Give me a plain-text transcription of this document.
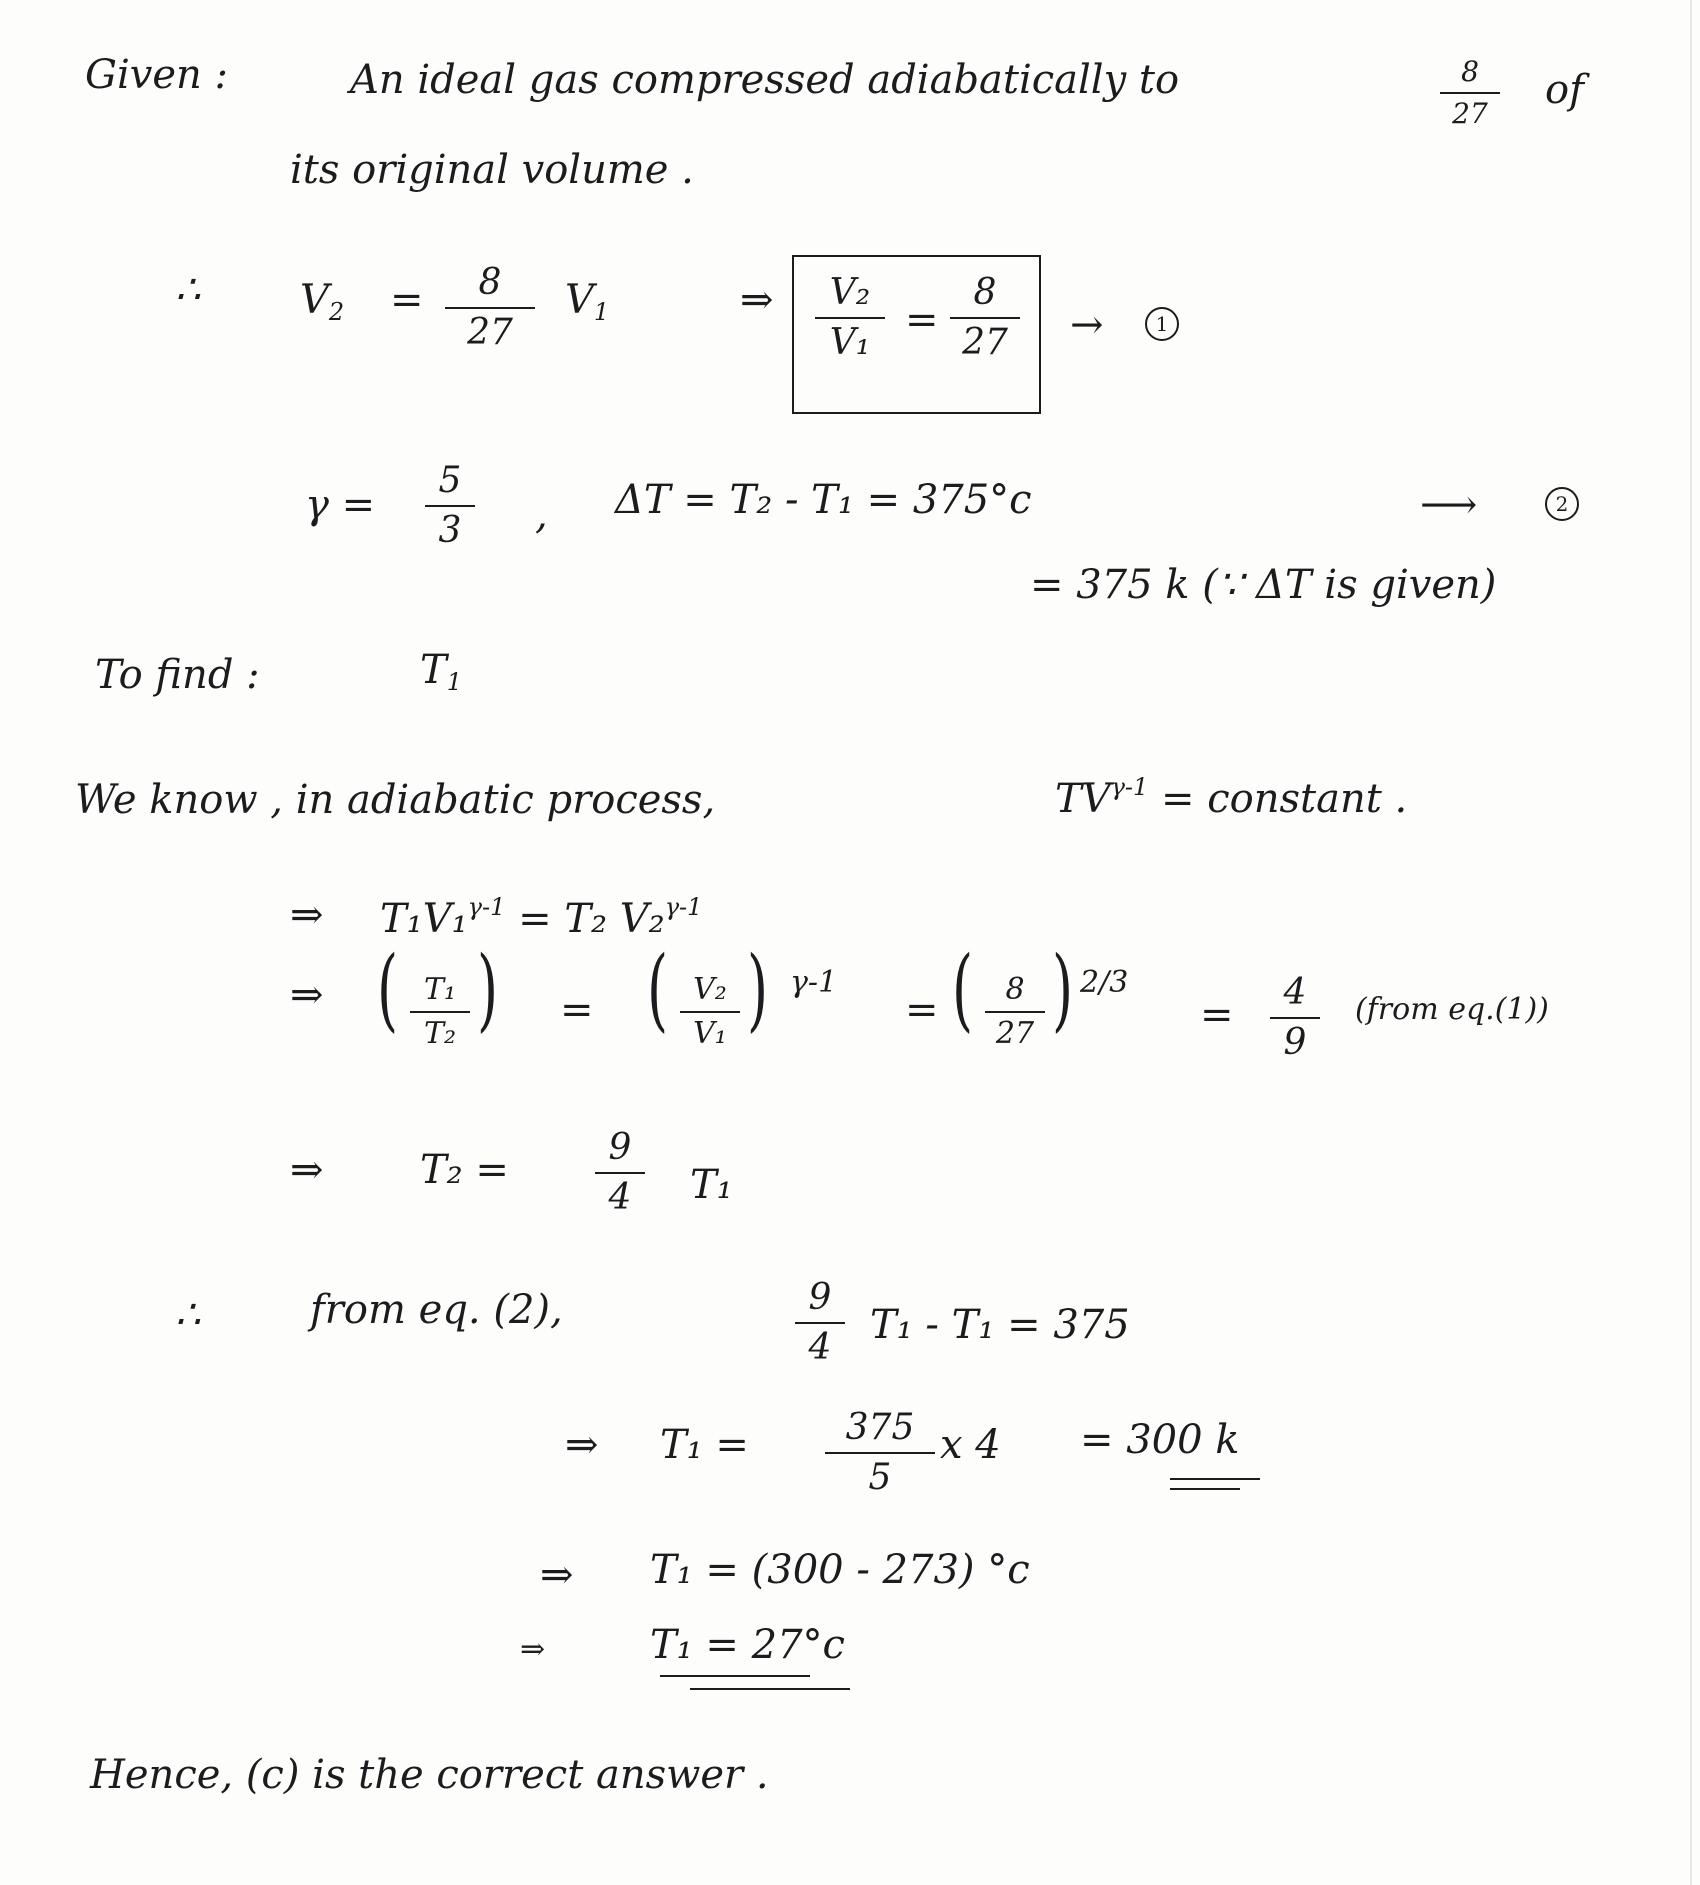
Given :	An ideal gas compressed adiabatically to	8
27
of
its original volume .
∴ $V_2$ =	8
27
$V_1$	⇒	V₂
V₁ =
8
27	→	1
γ =
5
3	, ΔT = T₂ - T₁ = 375°c	⟶	2
= 375 k (∵ ΔT is given)
To find :	$T_1$
We know , in adiabatic process,	$TV^{\gamma-1}$ = constant .
⇒ T₁V₁$^{\gamma-1}$ = T₂ V₂$^{\gamma-1}$
⇒ ( T₁
T₂ ) = ( V₂
V₁ ) γ-1
= (	8
27 ) 2/3
=	4
9
(from eq.(1))
⇒ T₂ =	9
4	T₁
∴	from eq. (2),	9
4 T₁ - T₁ = 375
⇒ T₁ =	375
5
x 4 = 300 k
⇒ T₁ = (300 - 273) °c
⇒	T₁ = 27°c
Hence, (c) is the correct answer .
